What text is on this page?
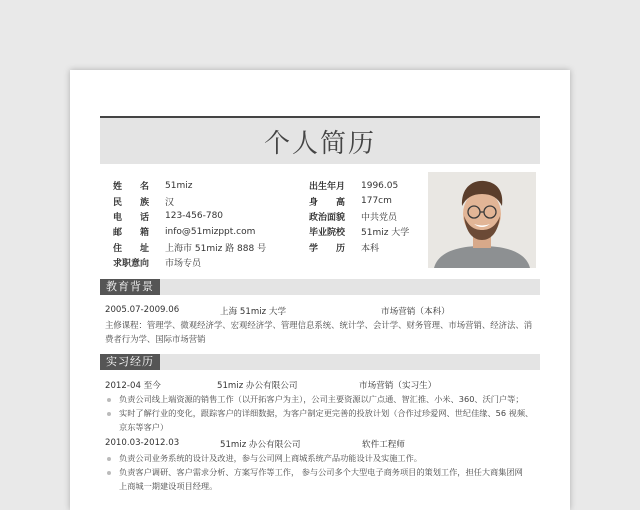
个人简历
姓名 51miz
民族 汉
电话 123-456-780
邮箱 info@51mizppt.com
住址 上海市 51miz 路 888 号
求职意向 市场专员
出生年月 1996.05
身高 177cm
政治面貌 中共党员
毕业院校 51miz 大学
学历 本科
教育背景
2005.07-2009.06	上海 51miz 大学	市场营销（本科）
主修课程：管理学、微观经济学、宏观经济学、管理信息系统、统计学、会计学、财务管理、市场营销、经济法、消
费者行为学、国际市场营销
实习经历
2012-04 至今	51miz 办公有限公司	市场营销（实习生）
负责公司线上端资源的销售工作（以开拓客户为主），公司主要资源以广点通、智汇推、小米、360、沃门户等；
实时了解行业的变化，跟踪客户的详细数据，为客户制定更完善的投放计划（合作过珍爱网、世纪佳缘、56 视频、
京东等客户）
2010.03-2012.03	51miz 办公有限公司	软件工程师
负责公司业务系统的设计及改进，参与公司网上商城系统产品功能设计及实施工作。
负责客户调研、客户需求分析、方案写作等工作， 参与公司多个大型电子商务项目的策划工作，担任大商集团网
上商城一期建设项目经理。
